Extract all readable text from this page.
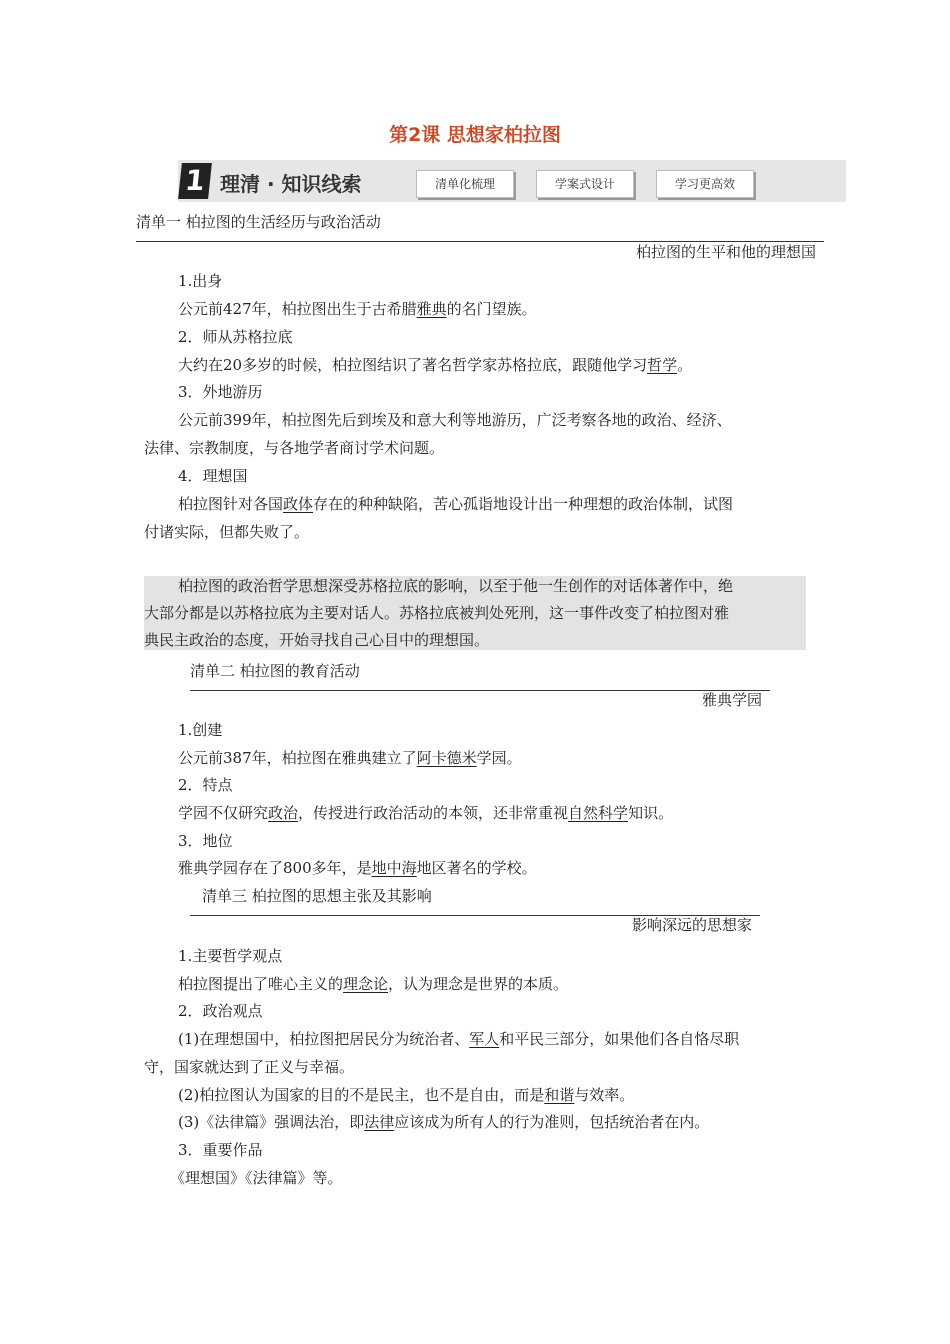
第2课 思想家柏拉图
1 理清 · 知识线索	清单化梳理	学案式设计	学习更高效
清单一 柏拉图的生活经历与政治活动
柏拉图的生平和他的理想国
1.出身
公元前427年，柏拉图出生于古希腊雅典的名门望族。
2．师从苏格拉底
大约在20多岁的时候，柏拉图结识了著名哲学家苏格拉底，跟随他学习哲学。
3．外地游历
公元前399年，柏拉图先后到埃及和意大利等地游历，广泛考察各地的政治、经济、
法律、宗教制度，与各地学者商讨学术问题。
4．理想国
柏拉图针对各国政体存在的种种缺陷，苦心孤诣地设计出一种理想的政治体制，试图
付诸实际，但都失败了。
柏拉图的政治哲学思想深受苏格拉底的影响，以至于他一生创作的对话体著作中，绝
大部分都是以苏格拉底为主要对话人。苏格拉底被判处死刑，这一事件改变了柏拉图对雅
典民主政治的态度，开始寻找自己心目中的理想国。
清单二 柏拉图的教育活动
雅典学园
1.创建
公元前387年，柏拉图在雅典建立了阿卡德米学园。
2．特点
学园不仅研究政治，传授进行政治活动的本领，还非常重视自然科学知识。
3．地位
雅典学园存在了800多年，是地中海地区著名的学校。
清单三 柏拉图的思想主张及其影响
影响深远的思想家
1.主要哲学观点
柏拉图提出了唯心主义的理念论，认为理念是世界的本质。
2．政治观点
(1)在理想国中，柏拉图把居民分为统治者、军人和平民三部分，如果他们各自恪尽职
守，国家就达到了正义与幸福。
(2)柏拉图认为国家的目的不是民主，也不是自由，而是和谐与效率。
(3)《法律篇》强调法治，即法律应该成为所有人的行为准则，包括统治者在内。
3．重要作品
《理想国》《法律篇》等。
